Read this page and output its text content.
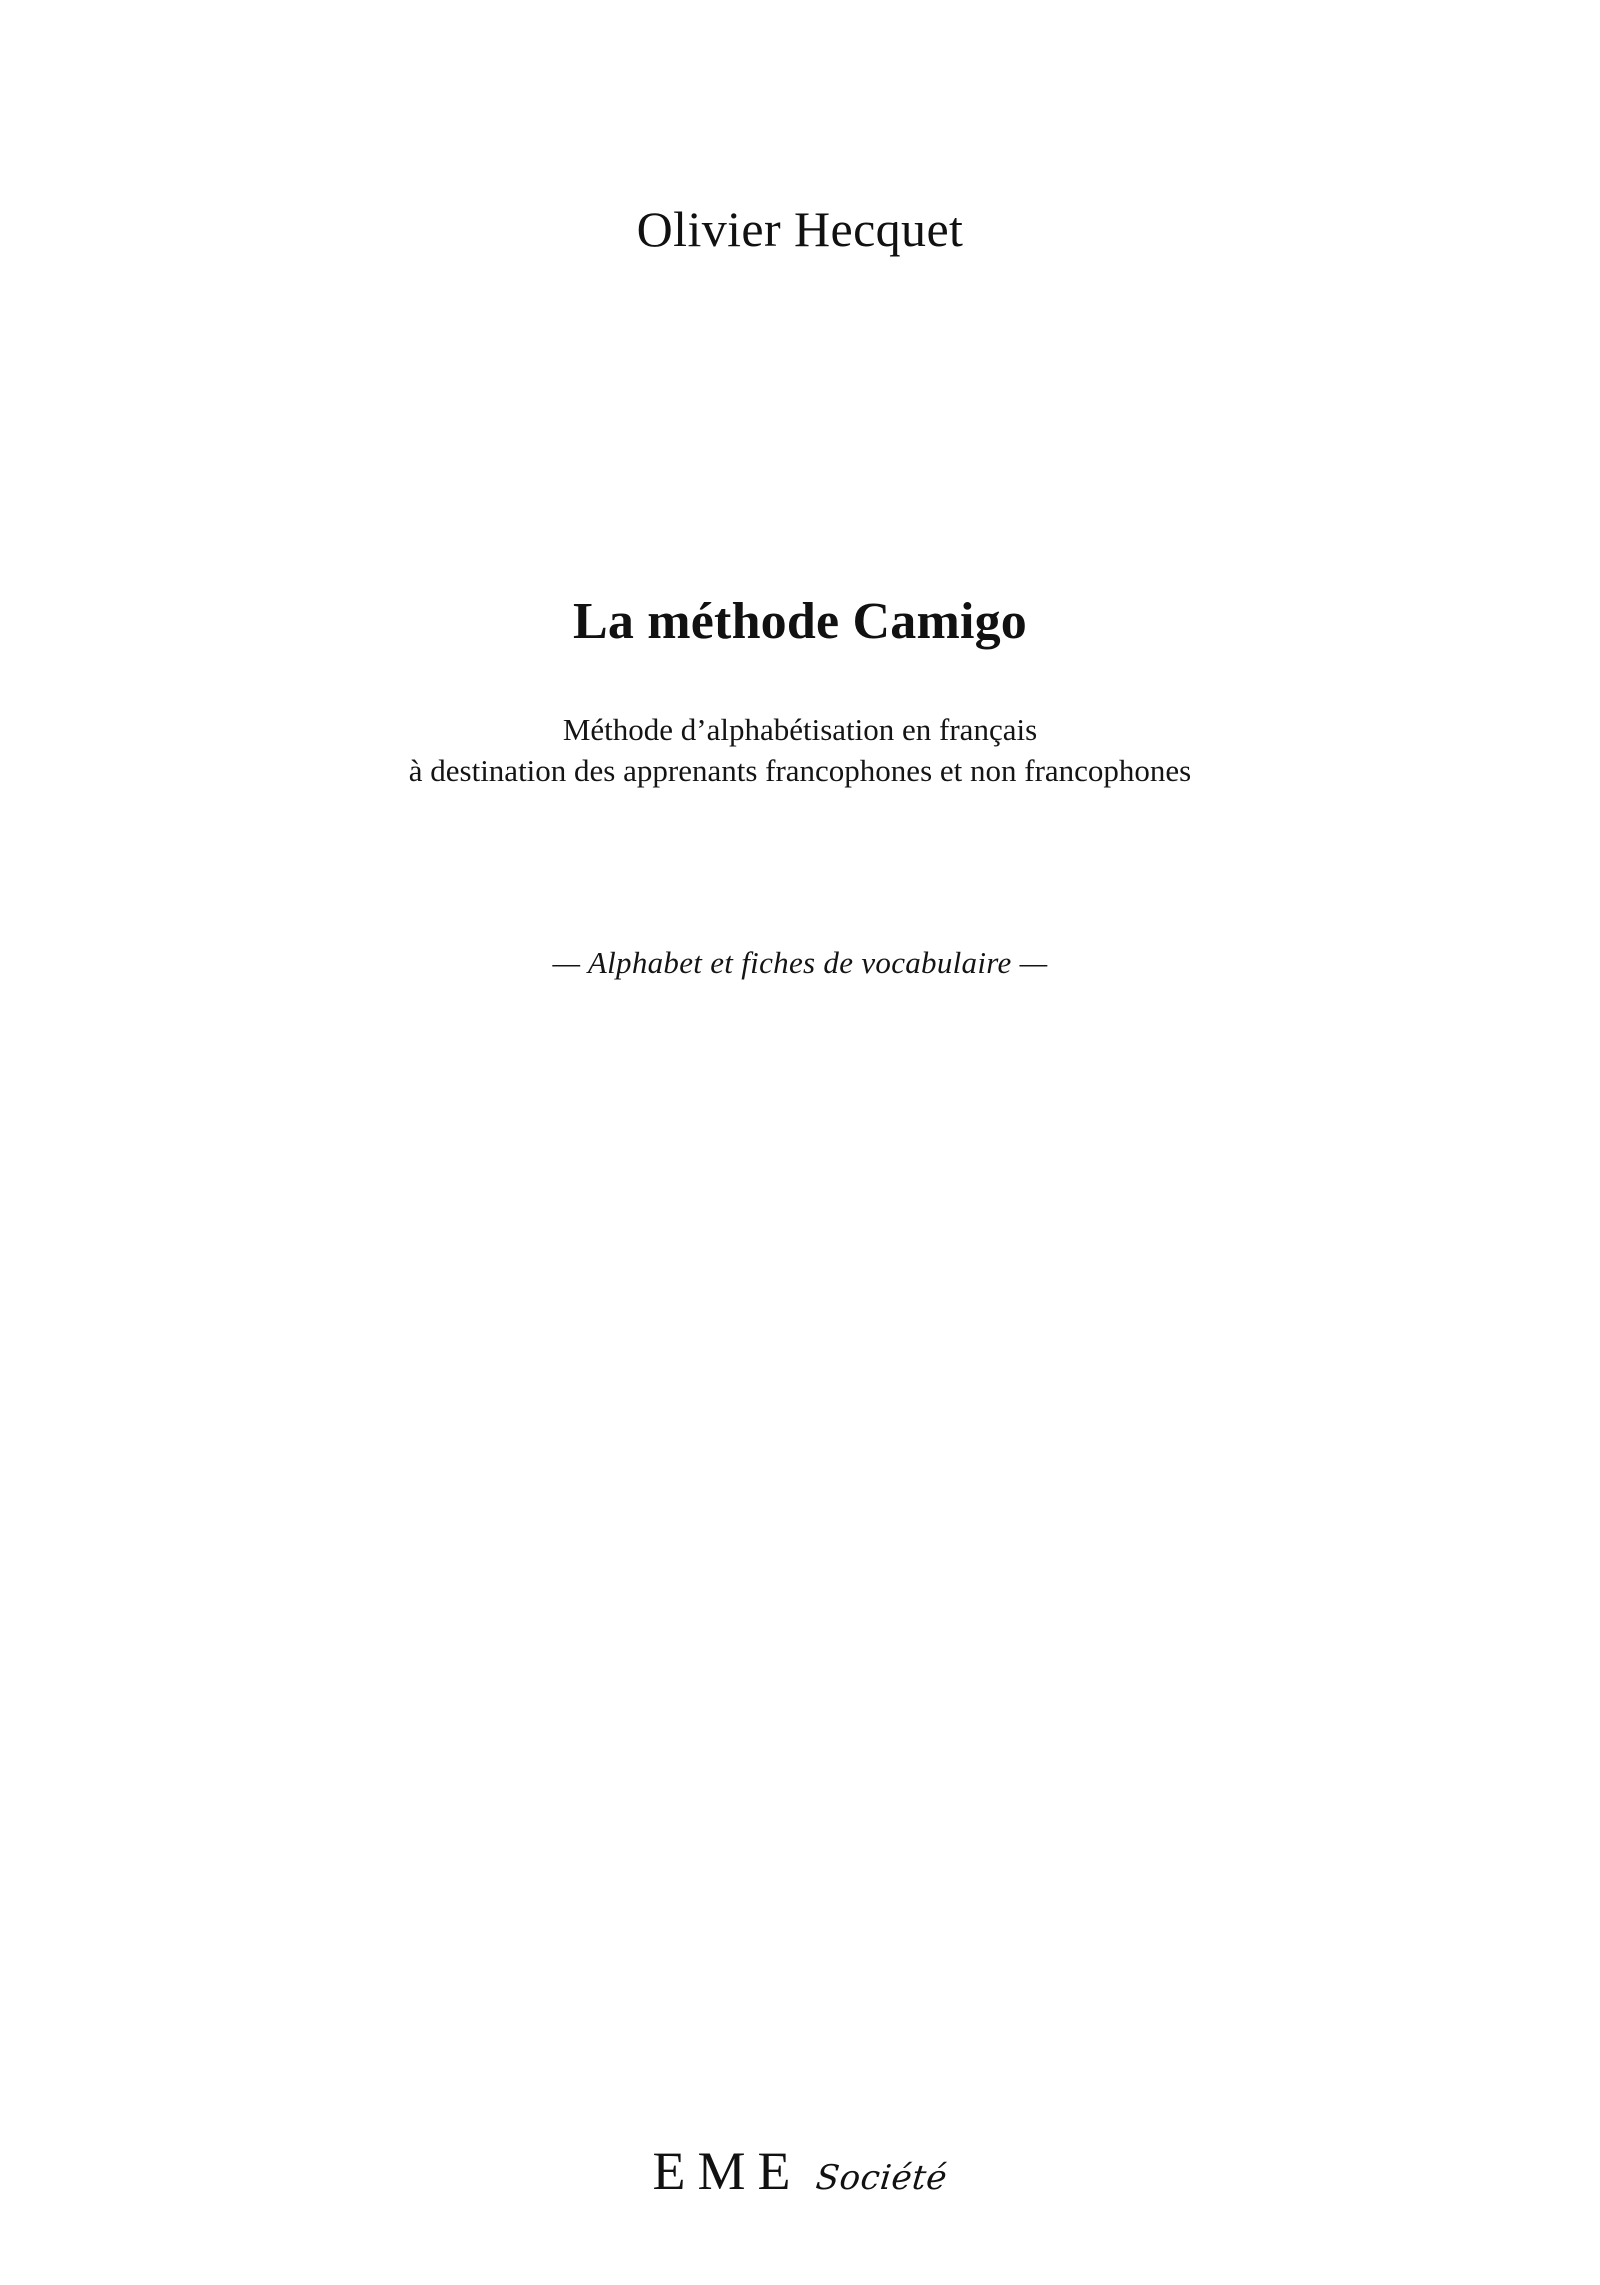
Olivier Hecquet
La méthode Camigo
Méthode d’alphabétisation en français
à destination des apprenants francophones et non francophones
— Alphabet et fiches de vocabulaire —
EME Société
